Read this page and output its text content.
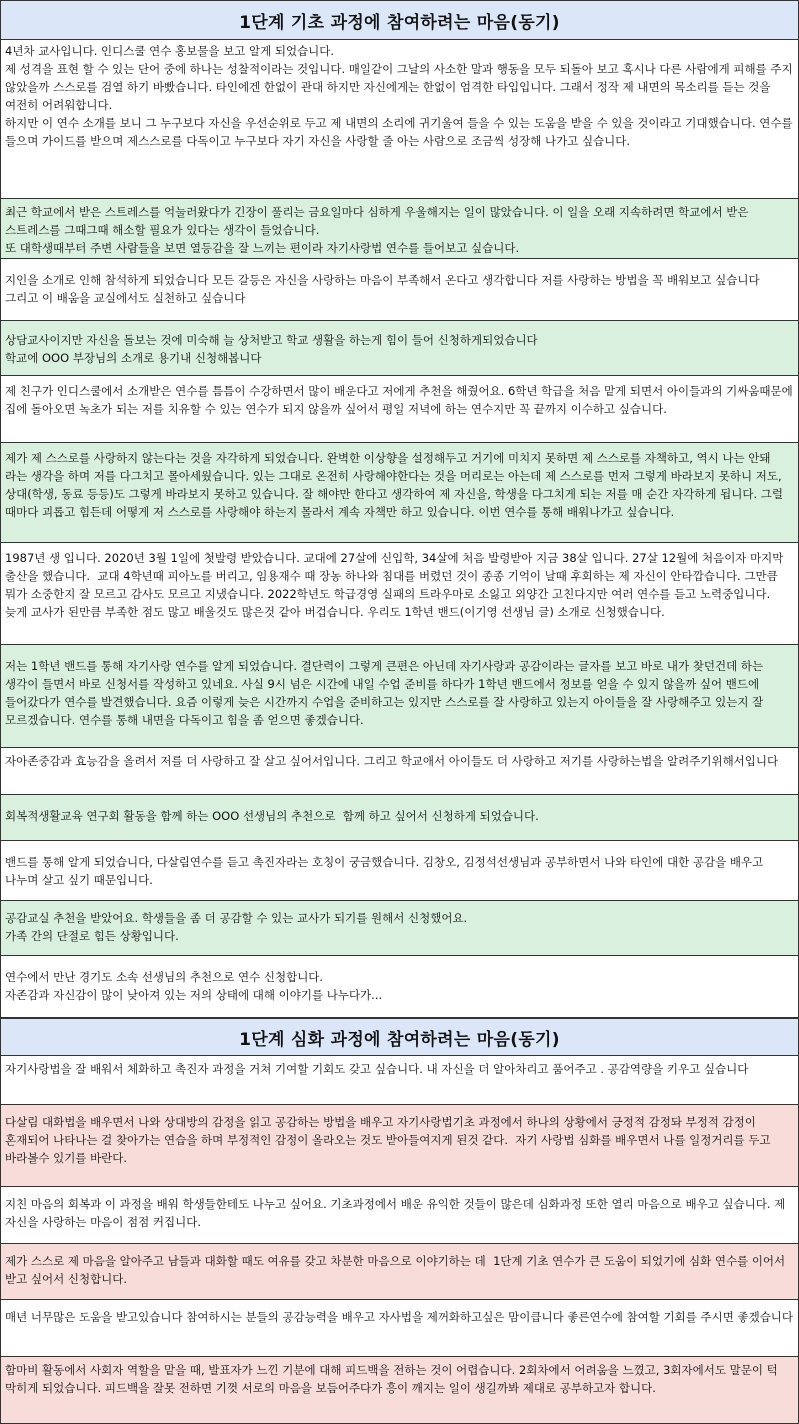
1단계 기초 과정에 참여하려는 마음(동기)

4년차 교사입니다. 인디스쿨 연수 홍보물을 보고 알게 되었습니다.

제 성격을 표현 할 수 있는 단어 중에 하나는 성찰적이라는 것입니다. 매일같이 그날의 사소한 말과 행동을 모두 되돌아 보고 혹시나 다른 사람에게 피해를 주지 않았을까 스스로를 검열 하기 바빴습니다. 타인에겐 한없이 관대 하지만 자신에게는 한없이 엄격한 타입입니다. 그래서 정작 제 내면의 목소리를 듣는 것을 여전히 어려워합니다.

하지만 이 연수 소개를 보니 그 누구보다 자신을 우선순위로 두고 제 내면의 소리에 귀기울여 들을 수 있는 도움을 받을 수 있을 것이라고 기대했습니다. 연수를 들으며 가이드를 받으며 제스스로를 다독이고 누구보다 자기 자신을 사랑할 줄 아는 사람으로 조금씩 성장해 나가고 싶습니다.

최근 학교에서 받은 스트레스를 억눌러왔다가 긴장이 풀리는 금요일마다 심하게 우울해지는 일이 많았습니다. 이 일을 오래 지속하려면 학교에서 받은 스트레스를 그때그때 해소할 필요가 있다는 생각이 들었습니다.

또 대학생때부터 주변 사람들을 보면 열등감을 잘 느끼는 편이라 자기사랑법 연수를 들어보고 싶습니다.

지인을 소개로 인해 참석하게 되었습니다 모든 갈등은 자신을 사랑하는 마음이 부족해서 온다고 생각합니다 저를 사랑하는 방법을 꼭 배워보고 싶습니다 그리고 이 배움을 교실에서도 실천하고 싶습니다

상담교사이지만 자신을 돌보는 것에 미숙해 늘 상처받고 학교 생활을 하는게 힘이 들어 신청하게되었습니다

학교에 OOO 부장님의 소개로 용기내 신청해봅니다

제 친구가 인디스쿨에서 소개받은 연수를 틈틈이 수강하면서 많이 배운다고 저에게 추천을 해줬어요. 6학년 학급을 처음 맡게 되면서 아이들과의 기싸움때문에 집에 돌아오면 녹초가 되는 저를 치유할 수 있는 연수가 되지 않을까 싶어서 평일 저녁에 하는 연수지만 꼭 끝까지 이수하고 싶습니다.

제가 제 스스로를 사랑하지 않는다는 것을 자각하게 되었습니다. 완벽한 이상향을 설정해두고 거기에 미치지 못하면 제 스스로를 자책하고, 역시 나는 안돼 라는 생각을 하며 저를 다그치고 몰아세웠습니다. 있는 그대로 온전히 사랑해야한다는 것을 머리로는 아는데 제 스스로를 먼저 그렇게 바라보지 못하니 저도, 상대(학생, 동료 등등)도 그렇게 바라보지 못하고 있습니다. 잘 해야만 한다고 생각하여 제 자신을, 학생을 다그치게 되는 저를 매 순간 자각하게 됩니다. 그럴 때마다 괴롭고 힘든데 어떻게 저 스스로를 사랑해야 하는지 몰라서 계속 자책만 하고 있습니다. 이번 연수를 통해 배워나가고 싶습니다.

1987년 생 입니다. 2020년 3월 1일에 첫발령 받았습니다. 교대에 27살에 신입학, 34살에 처음 발령받아 지금 38살 입니다. 27살 12월에 처음이자 마지막 출산을 했습니다.  교대 4학년때 피아노를 버리고, 임용재수 때 장농 하나와 침대를 버렸던 것이 종종 기억이 날때 후회하는 제 자신이 안타깝습니다. 그만큼 뭐가 소중한지 잘 모르고 감사도 모르고 지냈습니다. 2022학년도 학급경영 실패의 트라우마로 소잃고 외양간 고친다지만 여러 연수를 듣고 노력중입니다. 늦게 교사가 된만큼 부족한 점도 많고 배울것도 많은것 같아 버겁습니다. 우리도 1학년 밴드(이기영 선생님 글) 소개로 신청했습니다.

저는 1학년 밴드를 통해 자기사랑 연수를 알게 되었습니다. 결단력이 그렇게 큰편은 아닌데 자기사랑과 공감이라는 글자를 보고 바로 내가 찾던건데 하는 생각이 들면서 바로 신청서를 작성하고 있네요. 사실 9시 넘은 시간에 내일 수업 준비를 하다가 1학년 밴드에서 정보를 얻을 수 있지 않을까 싶어 밴드에 들어갔다가 연수를 발견했습니다. 요즘 이렇게 늦은 시간까지 수업을 준비하고는 있지만 스스로를 잘 사랑하고 있는지 아이들을 잘 사랑해주고 있는지 잘 모르겠습니다. 연수를 통해 내면을 다독이고 힘을 좀 얻으면 좋겠습니다.

자아존중감과 효능감을 올려서 저를 더 사랑하고 잘 살고 싶어서입니다. 그리고 학교애서 아이들도 더 사랑하고 저기를 사랑하는법을 알려주기위해서입니다

회복적생활교육 연구회 활동을 함께 하는 OOO 선생님의 추천으로  함께 하고 싶어서 신청하게 되었습니다.

밴드를 통해 알게 되었습니다, 다살림연수를 듣고 촉진자라는 호칭이 궁금했습니다. 김창오, 김정석선생님과 공부하면서 나와 타인에 대한 공감을 배우고 나누며 살고 싶기 때문입니다.

공감교실 추천을 받았어요. 학생들을 좀 더 공감할 수 있는 교사가 되기를 원해서 신청했어요.

가족 간의 단절로 힘든 상황입니다.

연수에서 만난 경기도 소속 선생님의 추천으로 연수 신청합니다.

자존감과 자신감이 많이 낮아져 있는 저의 상태에 대해 이야기를 나누다가...

1단계 심화 과정에 참여하려는 마음(동기)

자기사랑법을 잘 배워서 체화하고 촉진자 과정을 거쳐 기여할 기회도 갖고 싶습니다. 내 자신을 더 알아차리고 품어주고 . 공감역량을 키우고 싶습니다

다살림 대화법을 배우면서 나와 상대방의 감정을 읽고 공감하는 방법을 배우고 자기사랑법기초 과정에서 하나의 상황에서 긍정적 감정돠 부정적 감정이 혼재되어 나타나는 걸 찾아가는 연습을 하며 부정적인 감정이 올라오는 것도 받아들여지게 된것 같다.  자기 사랑법 심화를 배우면서 나를 일정거리를 두고 바라볼수 있기를 바란다.

지친 마음의 회복과 이 과정을 배워 학생들한테도 나누고 싶어요. 기초과정에서 배운 유익한 것들이 많은데 심화과정 또한 열리 마음으로 배우고 싶습니다. 제 자신을 사랑하는 마음이 점점 커집니다.

제가 스스로 제 마음을 알아주고 남들과 대화할 때도 여유를 갖고 차분한 마음으로 이야기하는 데  1단계 기초 연수가 큰 도움이 되었기에 심화 연수를 이어서 받고 싶어서 신청합니다.

매년 너무많은 도움을 받고있습니다 참여하시는 분들의 공감능력을 배우고 자사법을 제꺼화하고싶은 맘이큽니다 좋른연수에 참여할 기회를 주시면 좋겠습니다

함마비 활동에서 사회자 역할을 맡을 때, 발표자가 느낀 기분에 대해 피드백을 전하는 것이 어렵습니다. 2회차에서 어려움을 느꼈고, 3회자에서도 말문이 턱 막히게 되었습니다. 피드백을 잘못 전하면 기껏 서로의 마음을 보듬어주다가 흥이 깨지는 일이 생길까봐 제대로 공부하고자 합니다.
